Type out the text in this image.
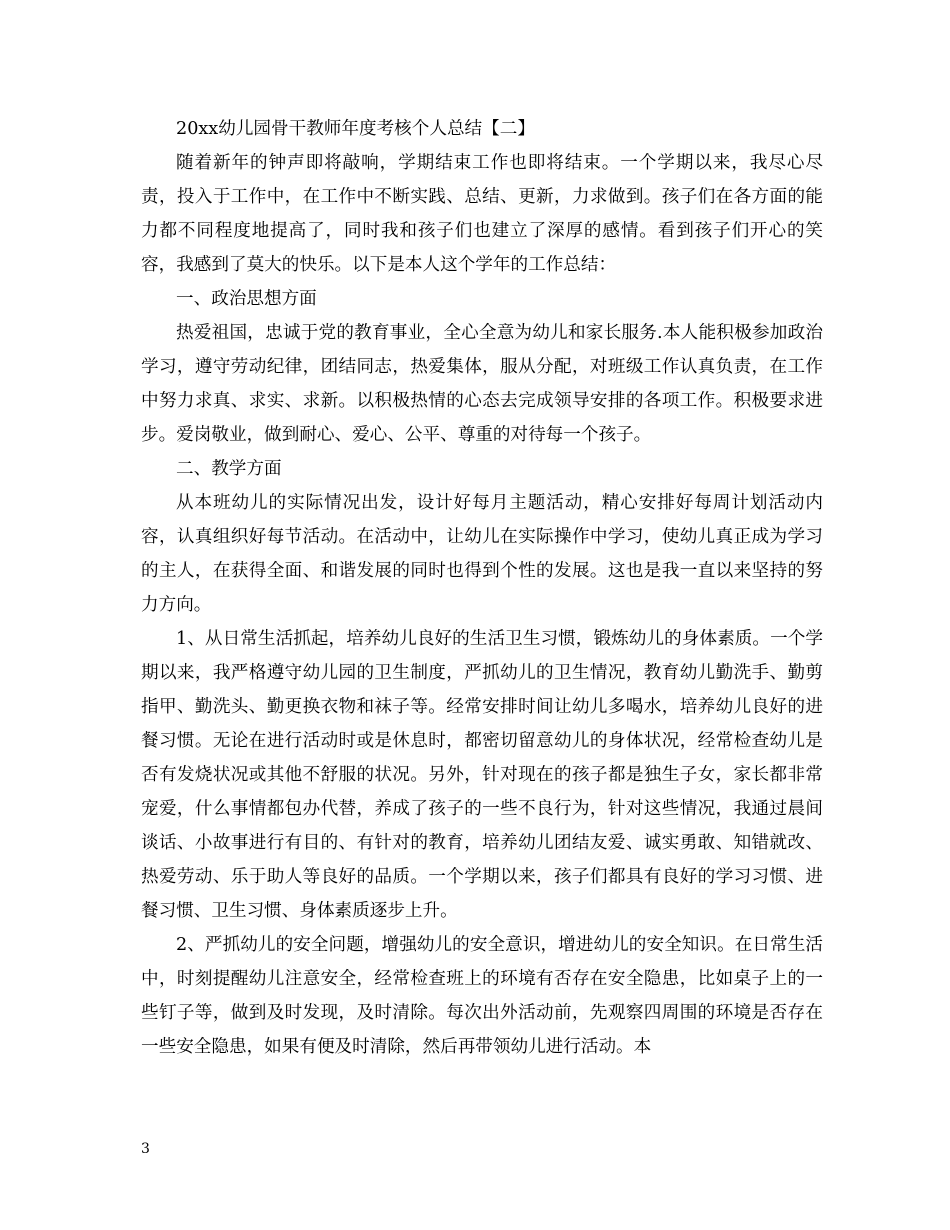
20xx幼儿园骨干教师年度考核个人总结【二】

随着新年的钟声即将敲响，学期结束工作也即将结束。一个学期以来，我尽心尽责，投入于工作中，在工作中不断实践、总结、更新，力求做到。孩子们在各方面的能力都不同程度地提高了，同时我和孩子们也建立了深厚的感情。看到孩子们开心的笑容，我感到了莫大的快乐。以下是本人这个学年的工作总结：

一、政治思想方面

热爱祖国，忠诚于党的教育事业，全心全意为幼儿和家长服务.本人能积极参加政治学习，遵守劳动纪律，团结同志，热爱集体，服从分配，对班级工作认真负责，在工作中努力求真、求实、求新。以积极热情的心态去完成领导安排的各项工作。积极要求进步。爱岗敬业，做到耐心、爱心、公平、尊重的对待每一个孩子。

二、教学方面

从本班幼儿的实际情况出发，设计好每月主题活动，精心安排好每周计划活动内容，认真组织好每节活动。在活动中，让幼儿在实际操作中学习，使幼儿真正成为学习的主人，在获得全面、和谐发展的同时也得到个性的发展。这也是我一直以来坚持的努力方向。

1、从日常生活抓起，培养幼儿良好的生活卫生习惯，锻炼幼儿的身体素质。一个学期以来，我严格遵守幼儿园的卫生制度，严抓幼儿的卫生情况，教育幼儿勤洗手、勤剪指甲、勤洗头、勤更换衣物和袜子等。经常安排时间让幼儿多喝水，培养幼儿良好的进餐习惯。无论在进行活动时或是休息时，都密切留意幼儿的身体状况，经常检查幼儿是否有发烧状况或其他不舒服的状况。另外，针对现在的孩子都是独生子女，家长都非常宠爱，什么事情都包办代替，养成了孩子的一些不良行为，针对这些情况，我通过晨间谈话、小故事进行有目的、有针对的教育，培养幼儿团结友爱、诚实勇敢、知错就改、热爱劳动、乐于助人等良好的品质。一个学期以来，孩子们都具有良好的学习习惯、进餐习惯、卫生习惯、身体素质逐步上升。

2、严抓幼儿的安全问题，增强幼儿的安全意识，增进幼儿的安全知识。在日常生活中，时刻提醒幼儿注意安全，经常检查班上的环境有否存在安全隐患，比如桌子上的一些钉子等，做到及时发现，及时清除。每次出外活动前，先观察四周围的环境是否存在一些安全隐患，如果有便及时清除，然后再带领幼儿进行活动。本

3
